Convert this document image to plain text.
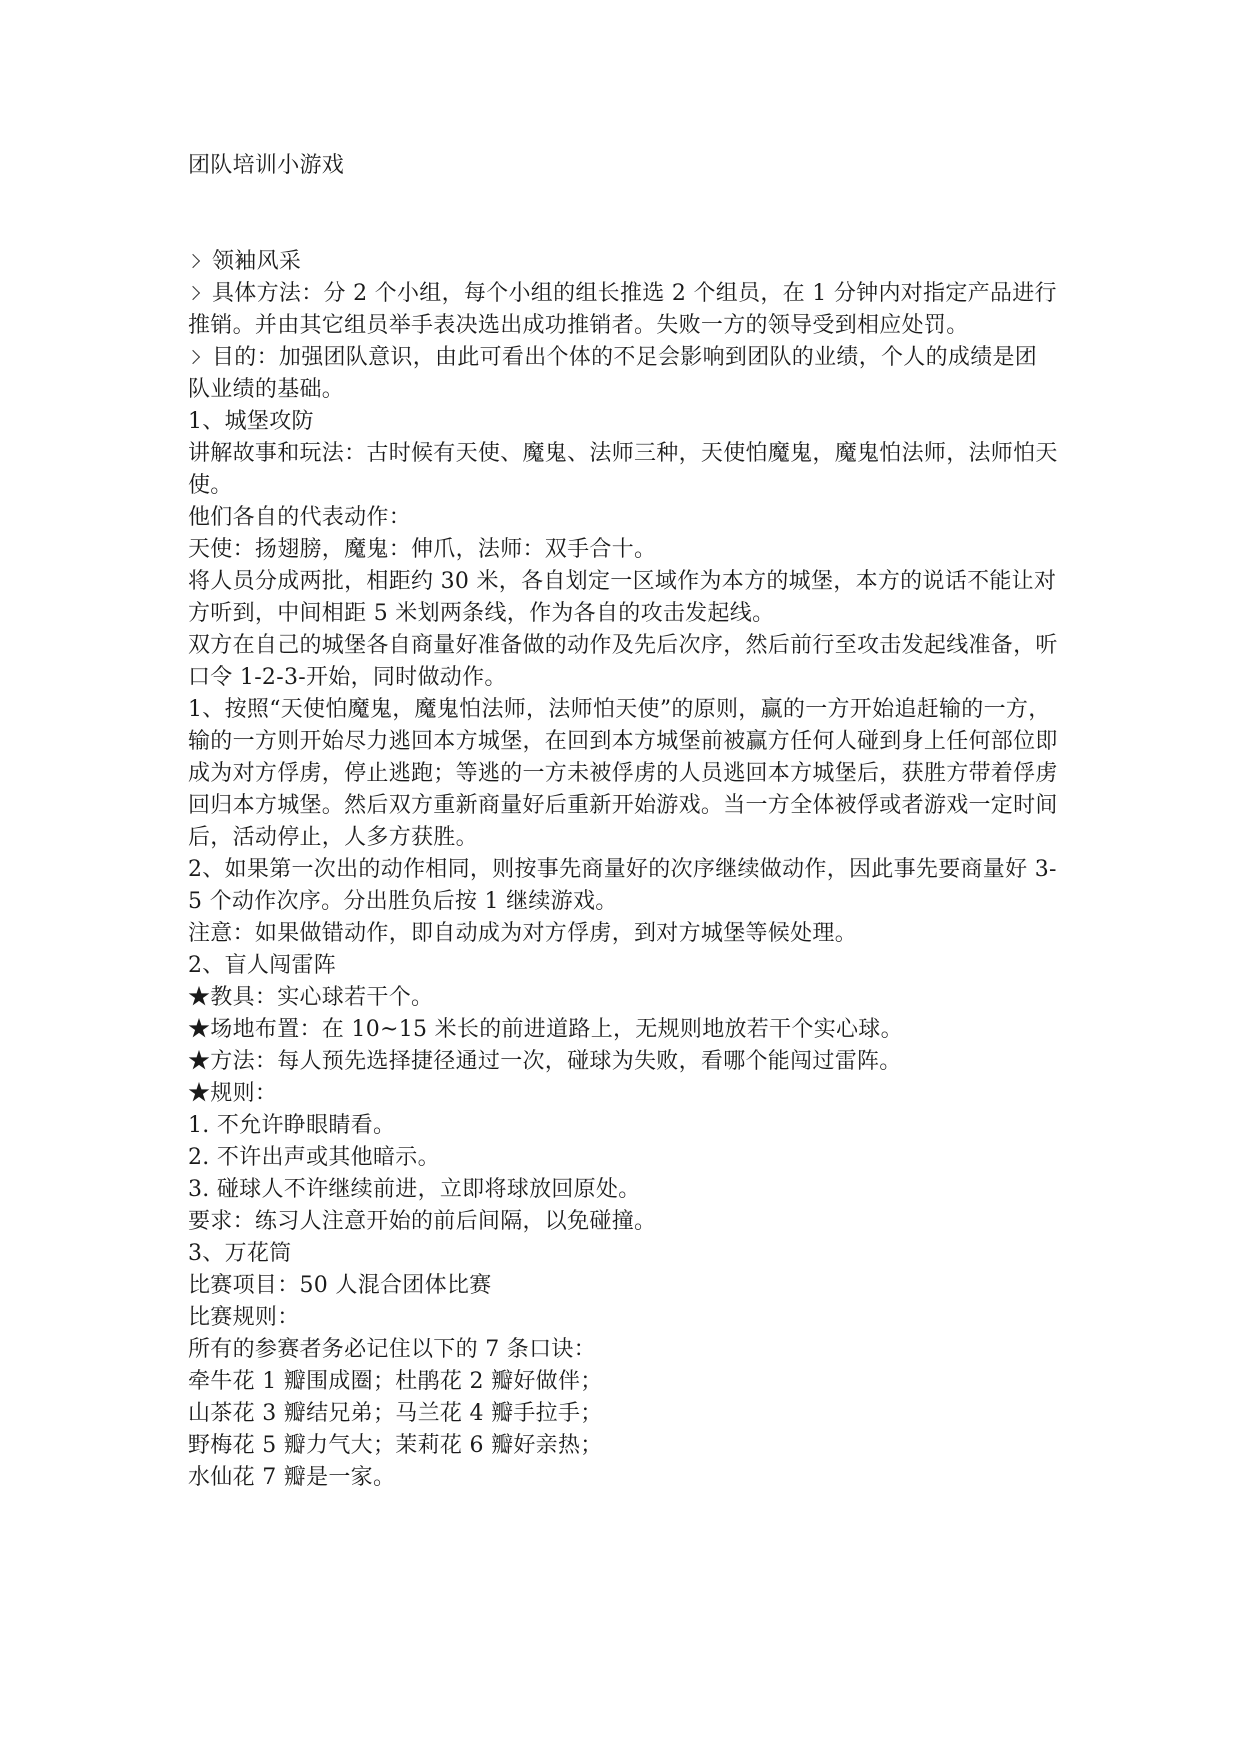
团队培训小游戏

领袖风采
具体方法：分 2 个小组，每个小组的组长推选 2 个组员，在 1 分钟内对指定产品进行推销。并由其它组员举手表决选出成功推销者。失败一方的领导受到相应处罚。
目的：加强团队意识，由此可看出个体的不足会影响到团队的业绩，个人的成绩是团队业绩的基础。
1、城堡攻防
讲解故事和玩法：古时候有天使、魔鬼、法师三种，天使怕魔鬼，魔鬼怕法师，法师怕天使。
他们各自的代表动作：
天使：扬翅膀，魔鬼：伸爪，法师：双手合十。
将人员分成两批，相距约 30 米，各自划定一区域作为本方的城堡，本方的说话不能让对方听到，中间相距 5 米划两条线，作为各自的攻击发起线。
双方在自己的城堡各自商量好准备做的动作及先后次序，然后前行至攻击发起线准备，听口令 1-2-3-开始，同时做动作。
1、按照“天使怕魔鬼，魔鬼怕法师，法师怕天使”的原则，赢的一方开始追赶输的一方，输的一方则开始尽力逃回本方城堡，在回到本方城堡前被赢方任何人碰到身上任何部位即成为对方俘虏，停止逃跑；等逃的一方未被俘虏的人员逃回本方城堡后，获胜方带着俘虏回归本方城堡。然后双方重新商量好后重新开始游戏。当一方全体被俘或者游戏一定时间后，活动停止，人多方获胜。
2、如果第一次出的动作相同，则按事先商量好的次序继续做动作，因此事先要商量好 3-5 个动作次序。分出胜负后按 1 继续游戏。
注意：如果做错动作，即自动成为对方俘虏，到对方城堡等候处理。
2、盲人闯雷阵
★教具：实心球若干个。
★场地布置：在 10~15 米长的前进道路上，无规则地放若干个实心球。
★方法：每人预先选择捷径通过一次，碰球为失败，看哪个能闯过雷阵。
★规则：
1. 不允许睁眼睛看。
2. 不许出声或其他暗示。
3. 碰球人不许继续前进，立即将球放回原处。
要求：练习人注意开始的前后间隔，以免碰撞。
3、万花筒
比赛项目：50 人混合团体比赛
比赛规则：
所有的参赛者务必记住以下的 7 条口诀：
牵牛花 1 瓣围成圈；杜鹃花 2 瓣好做伴；
山茶花 3 瓣结兄弟；马兰花 4 瓣手拉手；
野梅花 5 瓣力气大；茉莉花 6 瓣好亲热；
水仙花 7 瓣是一家。
